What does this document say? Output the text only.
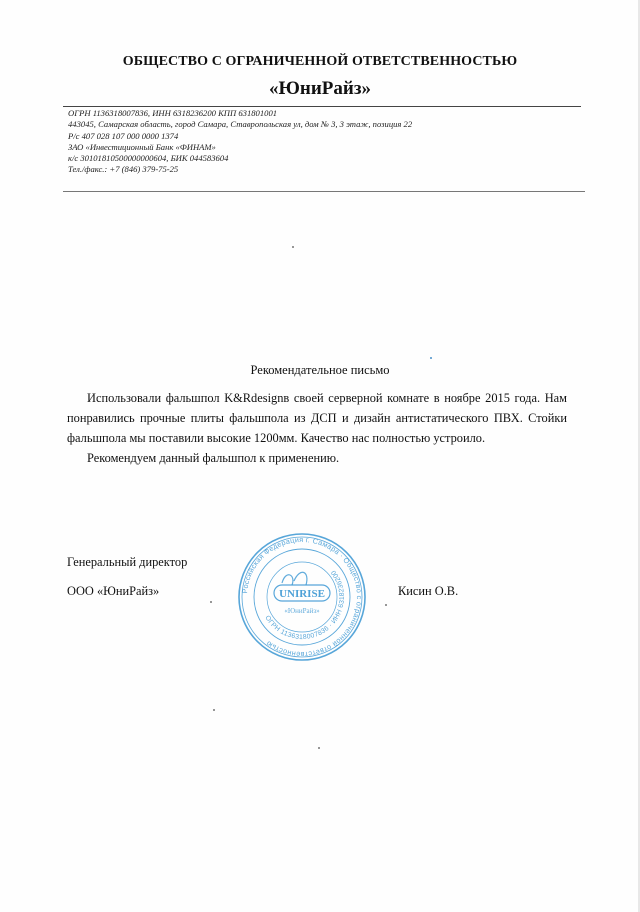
ОБЩЕСТВО С ОГРАНИЧЕННОЙ ОТВЕТСТВЕННОСТЬЮ
«ЮниРайз»
ОГРН 1136318007836, ИНН 6318236200 КПП 631801001
443045, Самарская область, город Самара, Ставропольская ул, дом № 3, 3 этаж, позиция 22
Р/с 407 028 107 000 0000 1374
ЗАО «Инвестиционный Банк «ФИНАМ»
к/с 30101810500000000604, БИК 044583604
Тел./факс.: +7 (846) 379-75-25
Рекомендательное письмо

Использовали фальшпол K&Rdesignв своей серверной комнате в ноябре 2015 года. Нам понравились прочные плиты фальшпола из ДСП и дизайн антистатического ПВХ. Стойки фальшпола мы поставили высокие 1200мм. Качество нас полностью устроило.

Рекомендуем данный фальшпол к применению.

Генеральный директор
ООО «ЮниРайз»	Кисин О.В.
Российская Федерация г. Самара · Общество с ограниченной ответственностью
ОГРН 1136318007836 · ИНН 6318236200
UNIRISE
«ЮниРайз»
